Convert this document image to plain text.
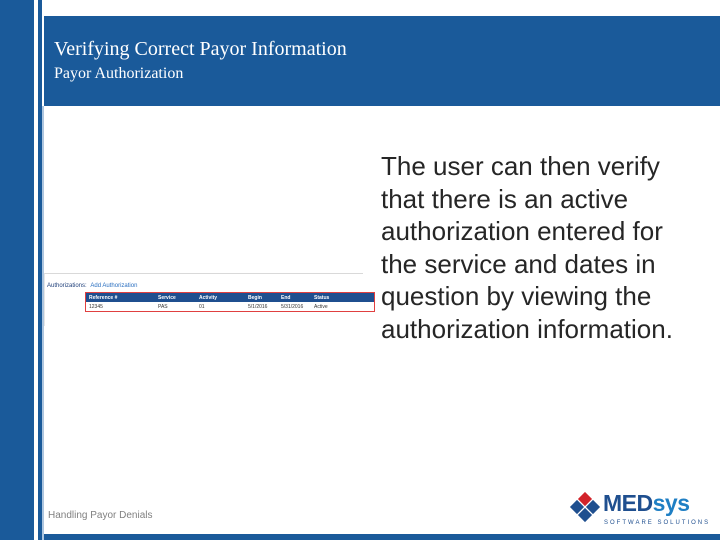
Verifying Correct Payor Information
Payor Authorization
Authorizations: Add Authorization
Reference #	Service	Activity	Begin	End	Status
12345	PAS	01	5/1/2016	5/31/2016	Active
The user can then verify that there is an active authorization entered for the service and dates in question by viewing the authorization information.
Handling Payor Denials	MEDsys
SOFTWARE SOLUTIONS
